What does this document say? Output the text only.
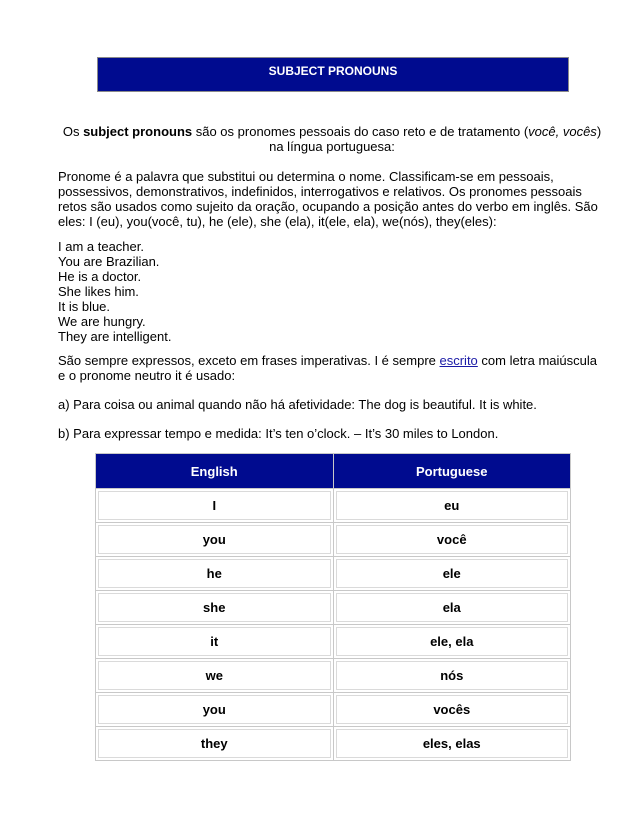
SUBJECT PRONOUNS

Os subject pronouns são os pronomes pessoais do caso reto e de tratamento (você, vocês) na língua portuguesa:

Pronome é a palavra que substitui ou determina o nome. Classificam-se em pessoais, possessivos, demonstrativos, indefinidos, interrogativos e relativos. Os pronomes pessoais retos são usados como sujeito da oração, ocupando a posição antes do verbo em inglês. São eles: I (eu), you(você, tu), he (ele), she (ela), it(ele, ela), we(nós), they(eles):

I am a teacher.
You are Brazilian.
He is a doctor.
She likes him.
It is blue.
We are hungry.
They are intelligent.

São sempre expressos, exceto em frases imperativas. I é sempre escrito com letra maiúscula e o pronome neutro it é usado:

a) Para coisa ou animal quando não há afetividade: The dog is beautiful. It is white.

b) Para expressar tempo e medida: It’s ten o’clock. – It’s 30 miles to London.

English	Portuguese
I	eu
you	você
he	ele
she	ela
it	ele, ela
we	nós
you	vocês
they	eles, elas
